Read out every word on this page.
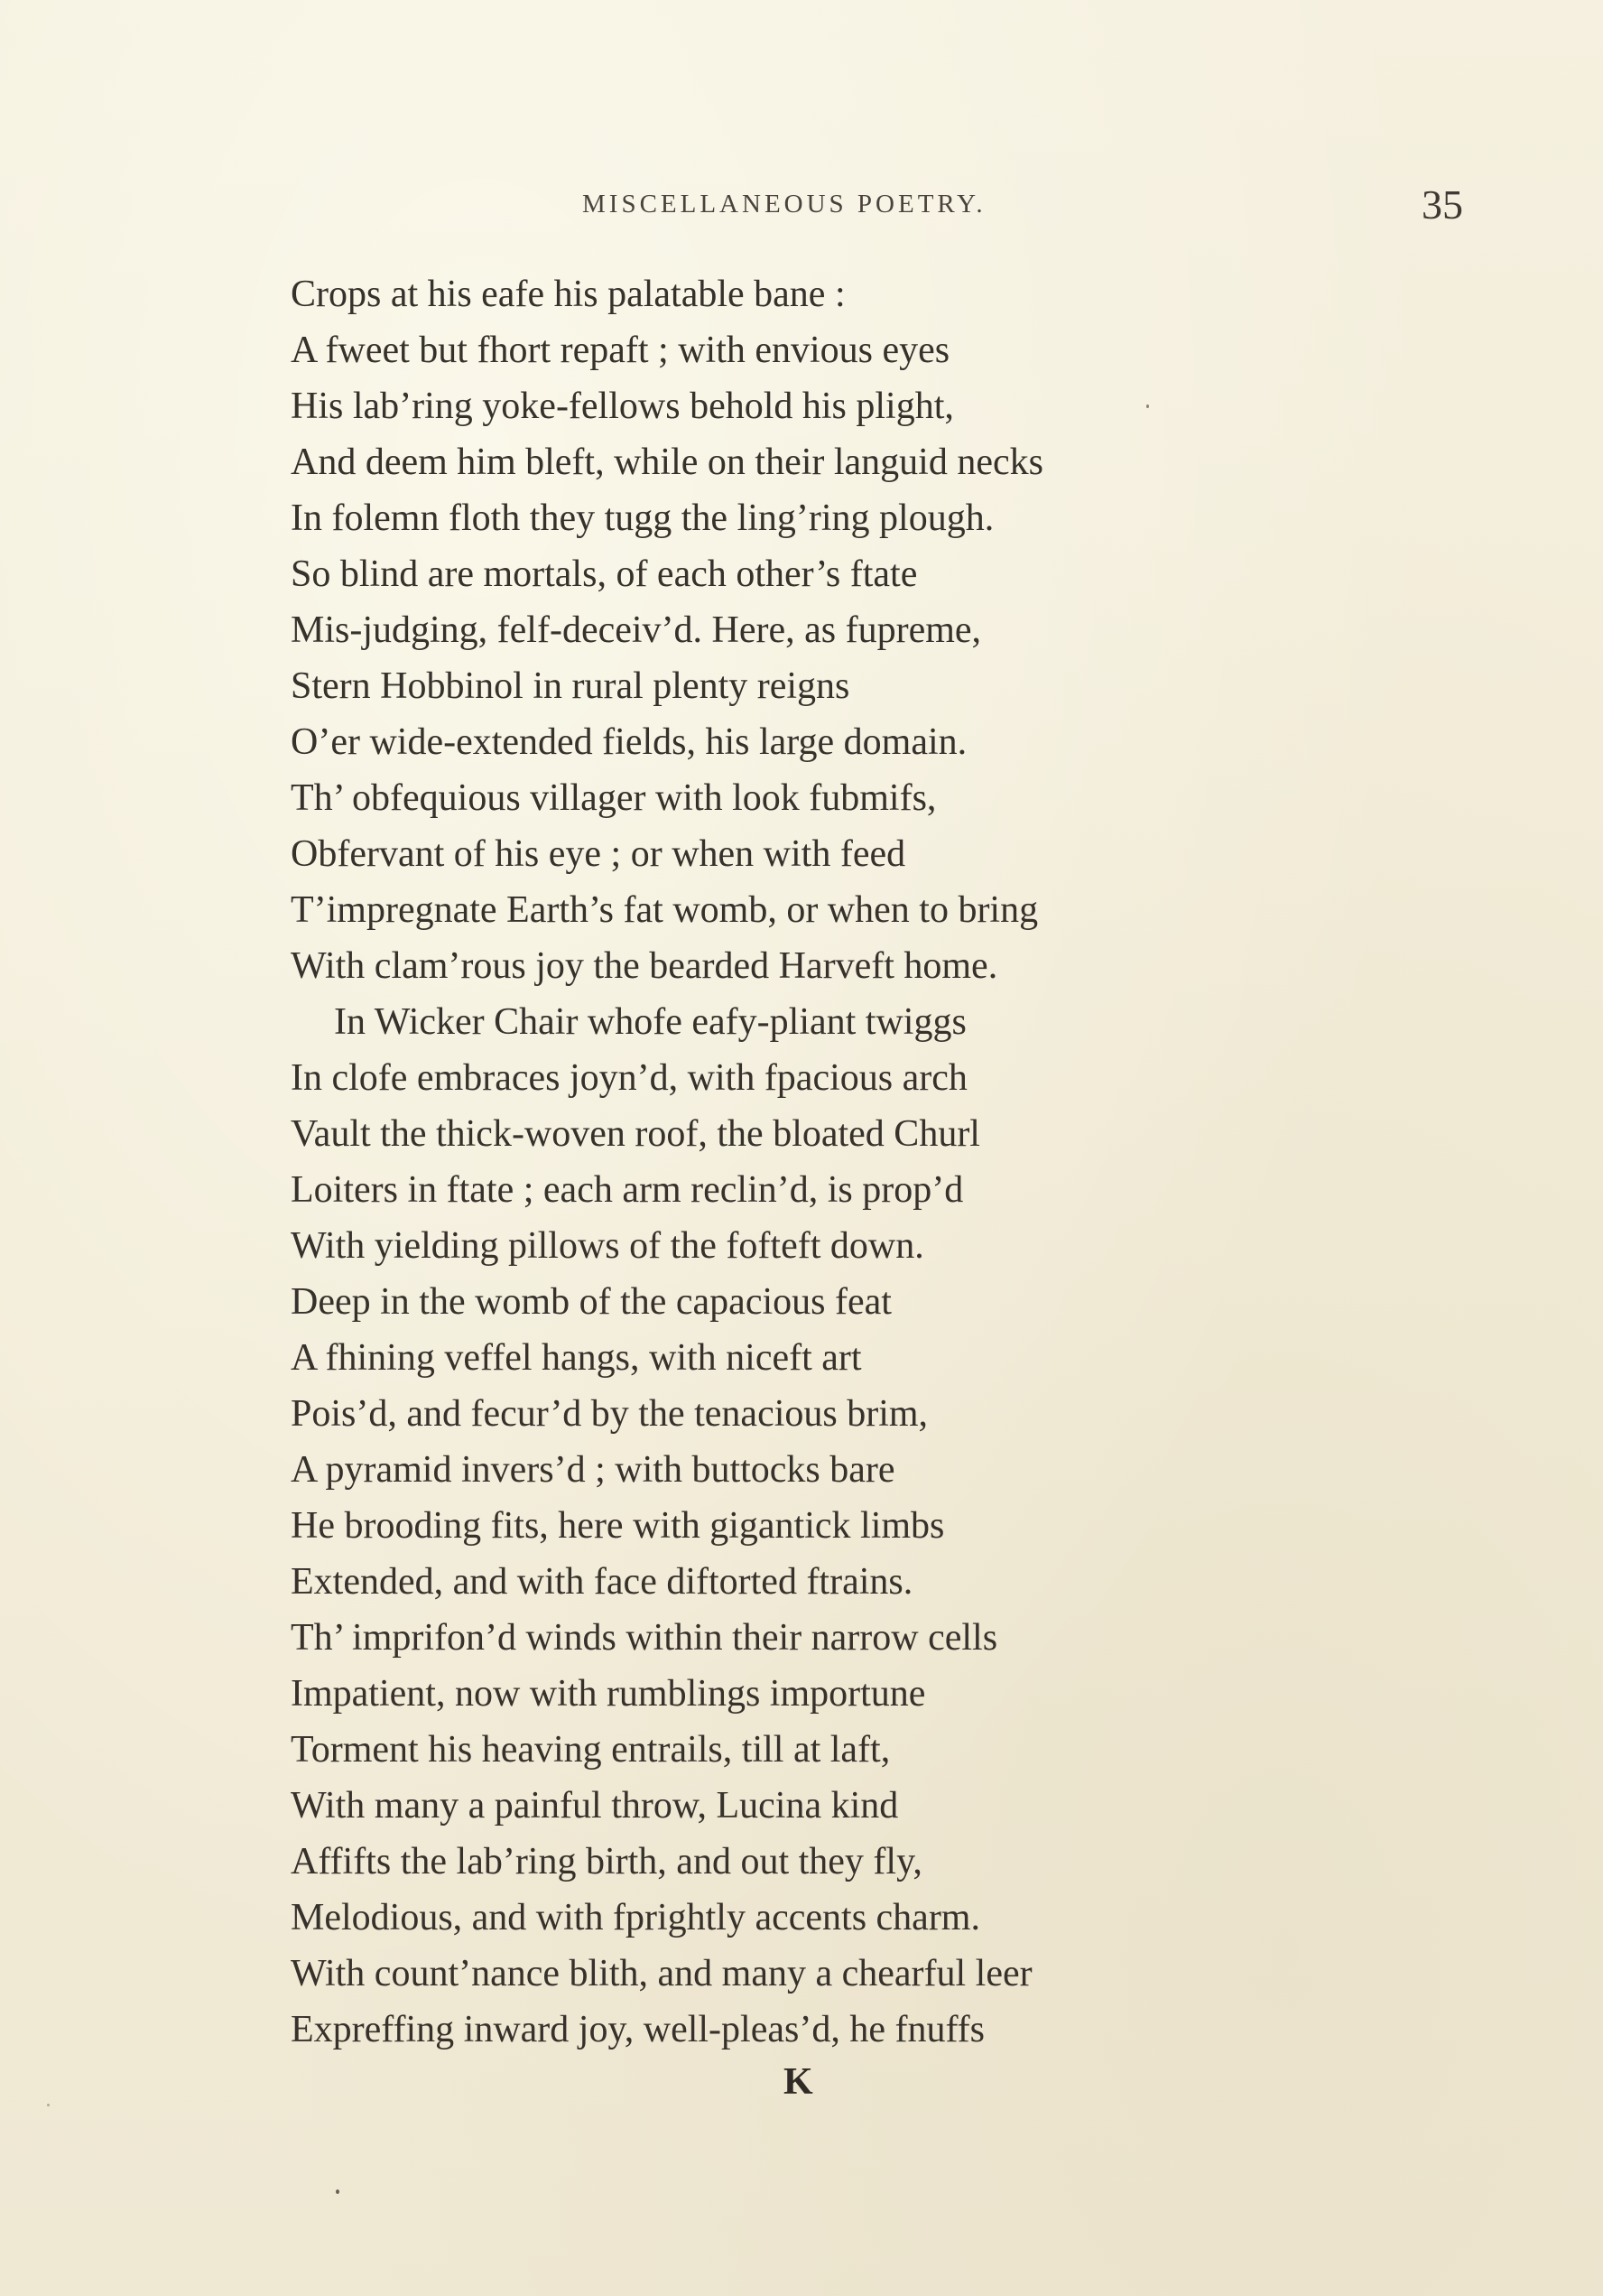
MISCELLANEOUS POETRY.	35
Crops at his eafe his palatable bane :
A fweet but fhort repaft ; with envious eyes
His lab’ring yoke-fellows behold his plight,
And deem him bleft, while on their languid necks
In folemn floth they tugg the ling’ring plough.
So blind are mortals, of each other’s ftate
Mis-judging, felf-deceiv’d. Here, as fupreme,
Stern Hobbinol in rural plenty reigns
O’er wide-extended fields, his large domain.
Th’ obfequious villager with look fubmifs,
Obfervant of his eye ; or when with feed
T’impregnate Earth’s fat womb, or when to bring
With clam’rous joy the bearded Harveft home.
In Wicker Chair whofe eafy-pliant twiggs
In clofe embraces joyn’d, with fpacious arch
Vault the thick-woven roof, the bloated Churl
Loiters in ftate ; each arm reclin’d, is prop’d
With yielding pillows of the fofteft down.
Deep in the womb of the capacious feat
A fhining veffel hangs, with niceft art
Pois’d, and fecur’d by the tenacious brim,
A pyramid invers’d ; with buttocks bare
He brooding fits, here with gigantick limbs
Extended, and with face diftorted ftrains.
Th’ imprifon’d winds within their narrow cells
Impatient, now with rumblings importune
Torment his heaving entrails, till at laft,
With many a painful throw, Lucina kind
Affifts the lab’ring birth, and out they fly,
Melodious, and with fprightly accents charm.
With count’nance blith, and many a chearful leer
Expreffing inward joy, well-pleas’d, he fnuffs
K
